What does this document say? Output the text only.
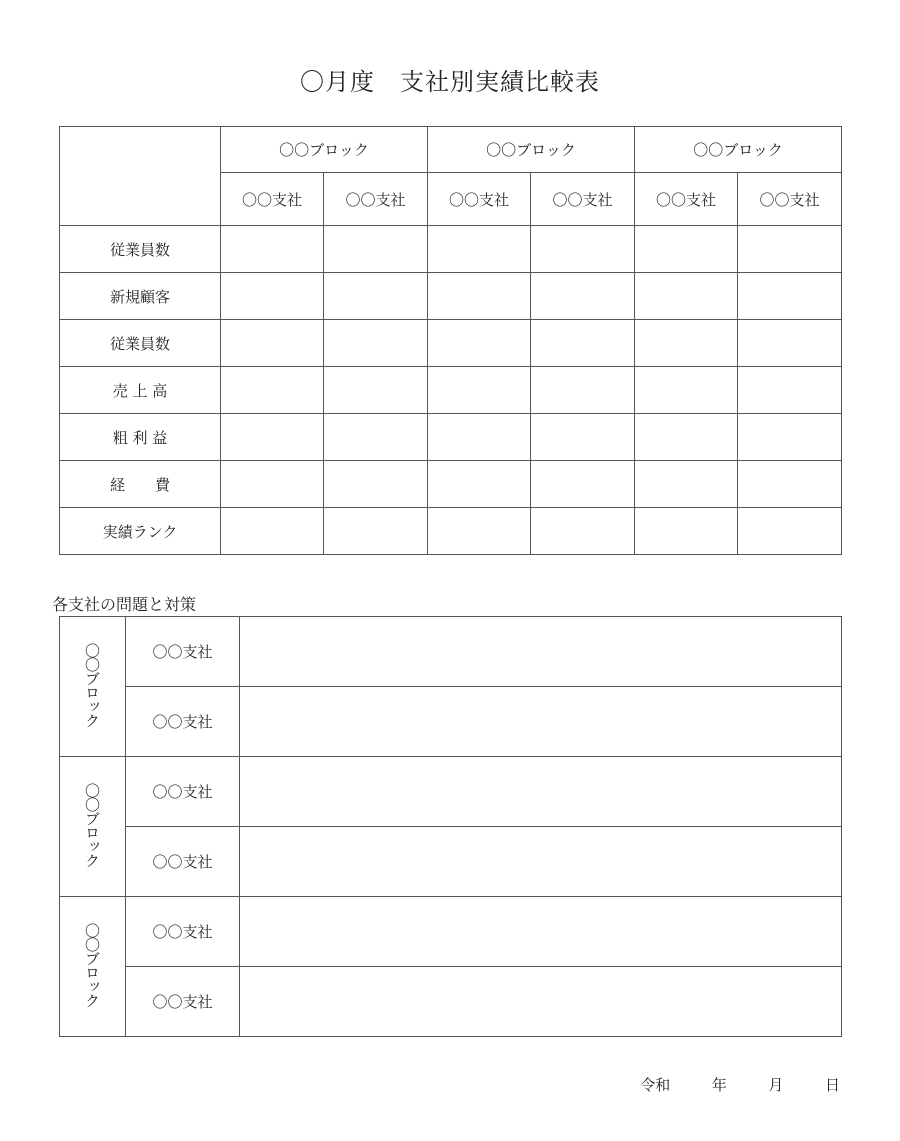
〇月度　支社別実績比較表
	〇〇ブロック		〇〇ブロック		〇〇ブロック	
	〇〇支社	〇〇支社	〇〇支社	〇〇支社	〇〇支社	〇〇支社
従業員数						
新規顧客						
従業員数						
売 上 高						
粗 利 益						
経　　費						
実績ランク						
各支社の問題と対策
〇〇ブロック	〇〇支社	
	〇〇支社	
〇〇ブロック	〇〇支社	
	〇〇支社	
〇〇ブロック	〇〇支社	
	〇〇支社	
令和	年	月	日
